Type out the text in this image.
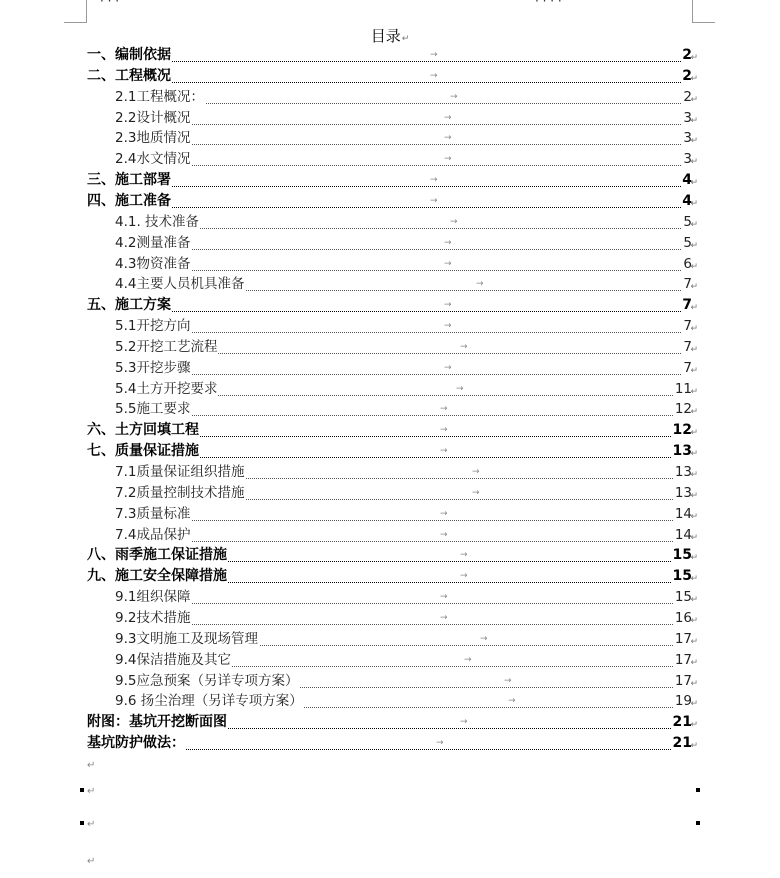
目录↵
→
一、编制依据	2
↵
→
二、工程概况	2
↵
→
2.1工程概况：	2
↵
→
2.2设计概况	3
↵
→
2.3地质情况	3
↵
→
2.4水文情况	3
↵
→
三、施工部署	4
↵
→
四、施工准备	4
↵
→
4.1. 技术准备	5
↵
→
4.2测量准备	5
↵
→
4.3物资准备	6
↵
→
4.4主要人员机具准备	7
↵
→
五、施工方案	7
↵
→
5.1开挖方向	7
↵
→
5.2开挖工艺流程	7
↵
→
5.3开挖步骤	7
↵
→
5.4土方开挖要求	11
↵
→
5.5施工要求	12
↵
→
六、土方回填工程	12
↵
→
七、质量保证措施	13
↵
→
7.1质量保证组织措施	13
↵
→
7.2质量控制技术措施	13
↵
→
7.3质量标准	14
↵
→
7.4成品保护	14
↵
→
八、雨季施工保证措施	15
↵
→
九、施工安全保障措施	15
↵
→
9.1组织保障	15
↵
→
9.2技术措施	16
↵
→
9.3文明施工及现场管理	17
↵
→
9.4保洁措施及其它	17
↵
→
9.5应急预案（另详专项方案）	17
↵
→
9.6 扬尘治理（另详专项方案）	19
↵
→
附图：基坑开挖断面图	21
↵
→
基坑防护做法：	21
↵
↵
↵
↵
↵
